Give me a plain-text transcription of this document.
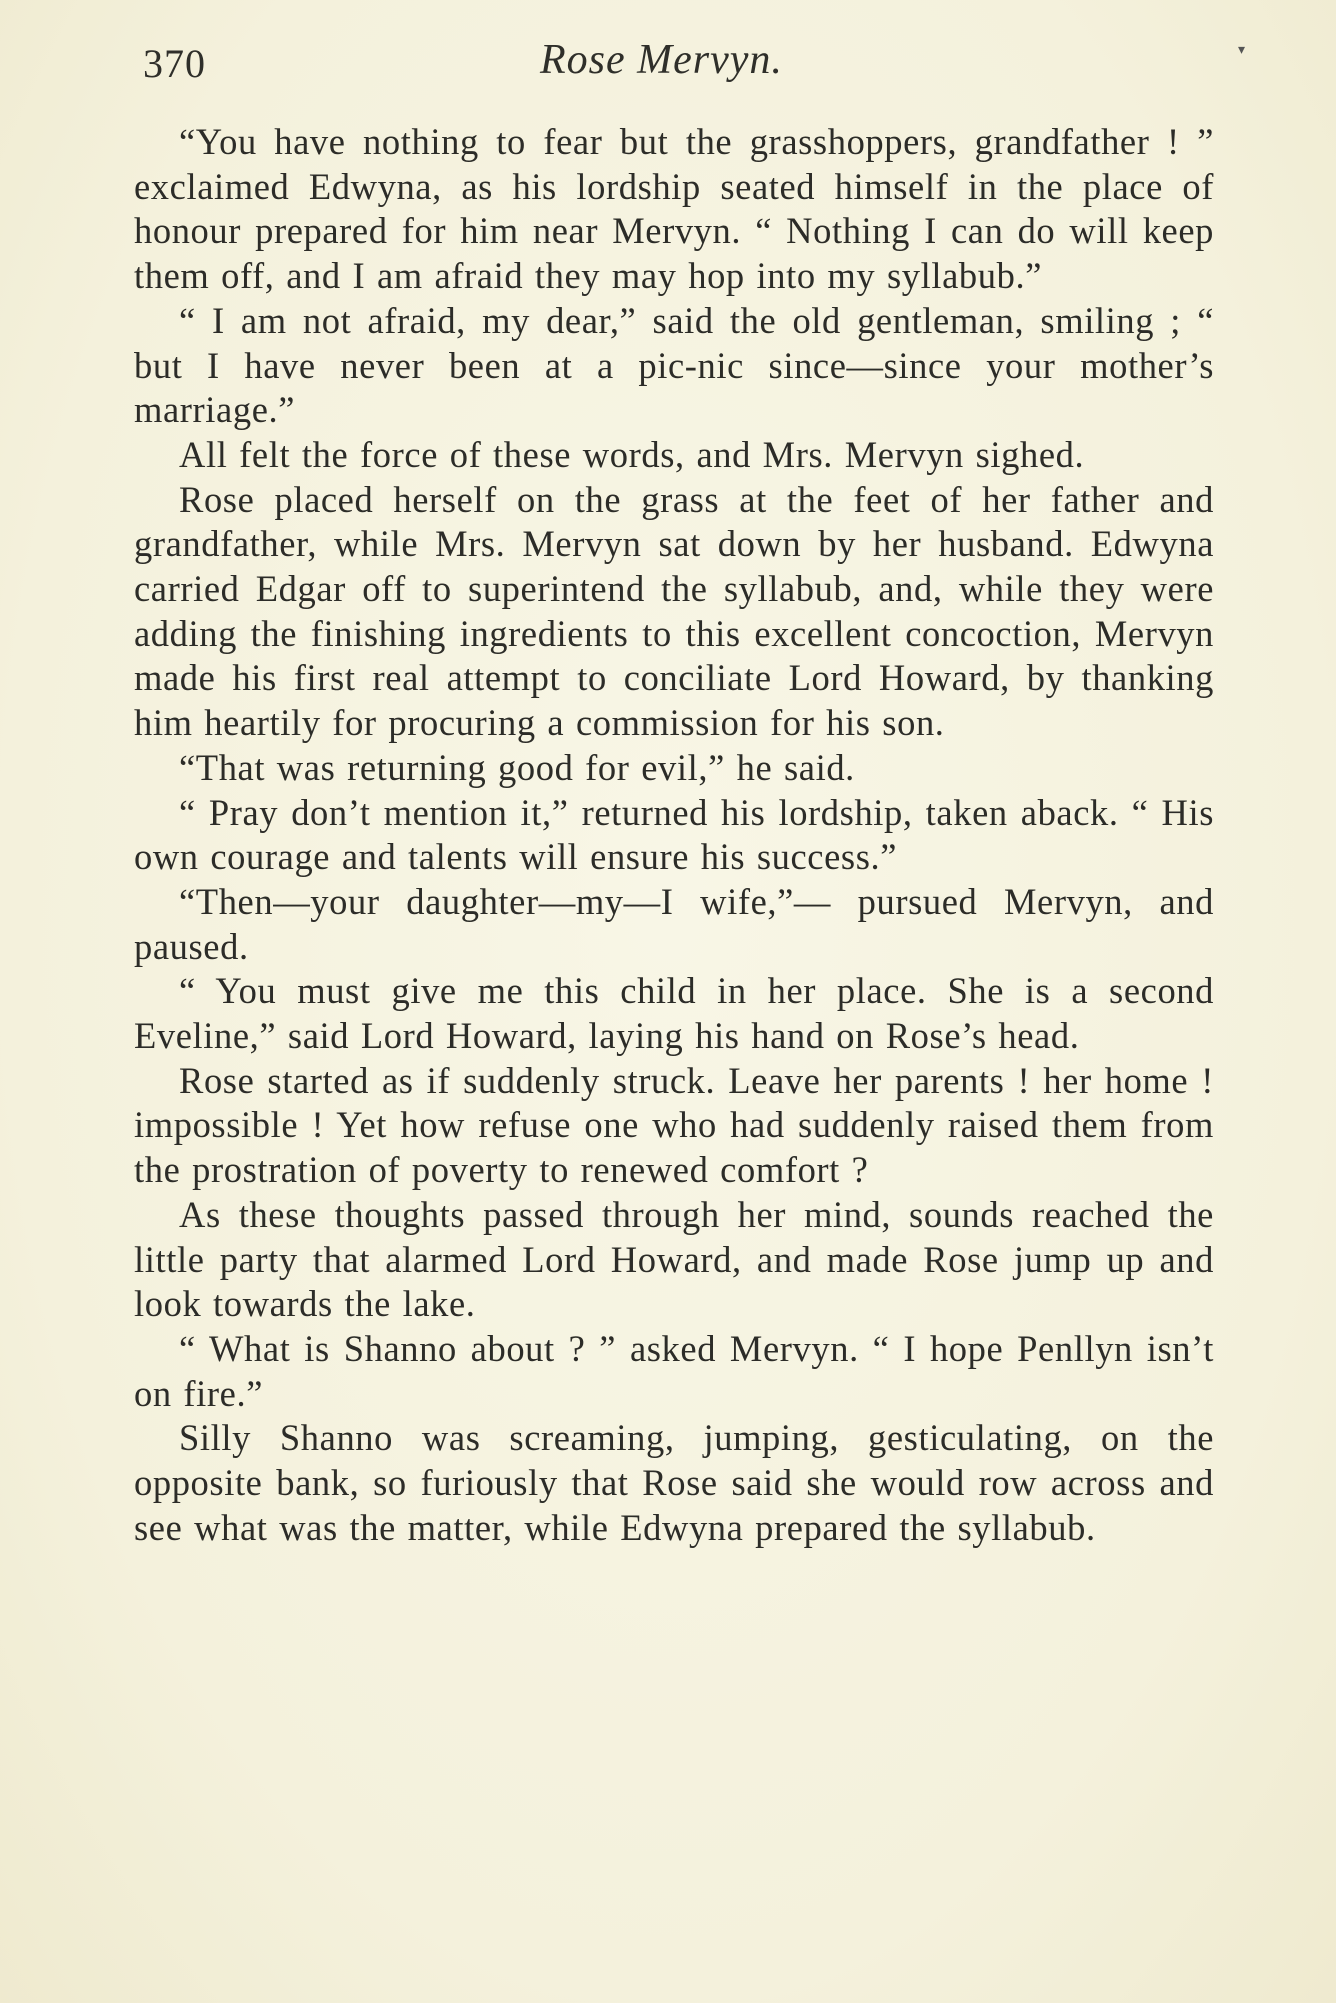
370	Rose Mervyn.	▾

“You have nothing to fear but the grasshoppers, grandfather ! ” exclaimed Edwyna, as his lordship seated himself in the place of honour prepared for him near Mervyn. “ Nothing I can do will keep them off, and I am afraid they may hop into my syllabub.”

“ I am not afraid, my dear,” said the old gentleman, smiling ; “ but I have never been at a pic-nic since—since your mother’s marriage.”

All felt the force of these words, and Mrs. Mervyn sighed.

Rose placed herself on the grass at the feet of her father and grandfather, while Mrs. Mervyn sat down by her husband. Edwyna carried Edgar off to superintend the syllabub, and, while they were adding the finishing ingredients to this excellent concoction, Mervyn made his first real attempt to conciliate Lord Howard, by thanking him heartily for procuring a commission for his son.

“That was returning good for evil,” he said.

“ Pray don’t mention it,” returned his lordship, taken aback. “ His own courage and talents will ensure his success.”

“Then—your daughter—my—I wife,”— pursued Mervyn, and paused.

“ You must give me this child in her place. She is a second Eveline,” said Lord Howard, laying his hand on Rose’s head.

Rose started as if suddenly struck. Leave her parents ! her home ! impossible ! Yet how refuse one who had suddenly raised them from the prostration of poverty to renewed comfort ?

As these thoughts passed through her mind, sounds reached the little party that alarmed Lord Howard, and made Rose jump up and look towards the lake.

“ What is Shanno about ? ” asked Mervyn. “ I hope Penllyn isn’t on fire.”

Silly Shanno was screaming, jumping, gesticulating, on the opposite bank, so furiously that Rose said she would row across and see what was the matter, while Edwyna prepared the syllabub.
